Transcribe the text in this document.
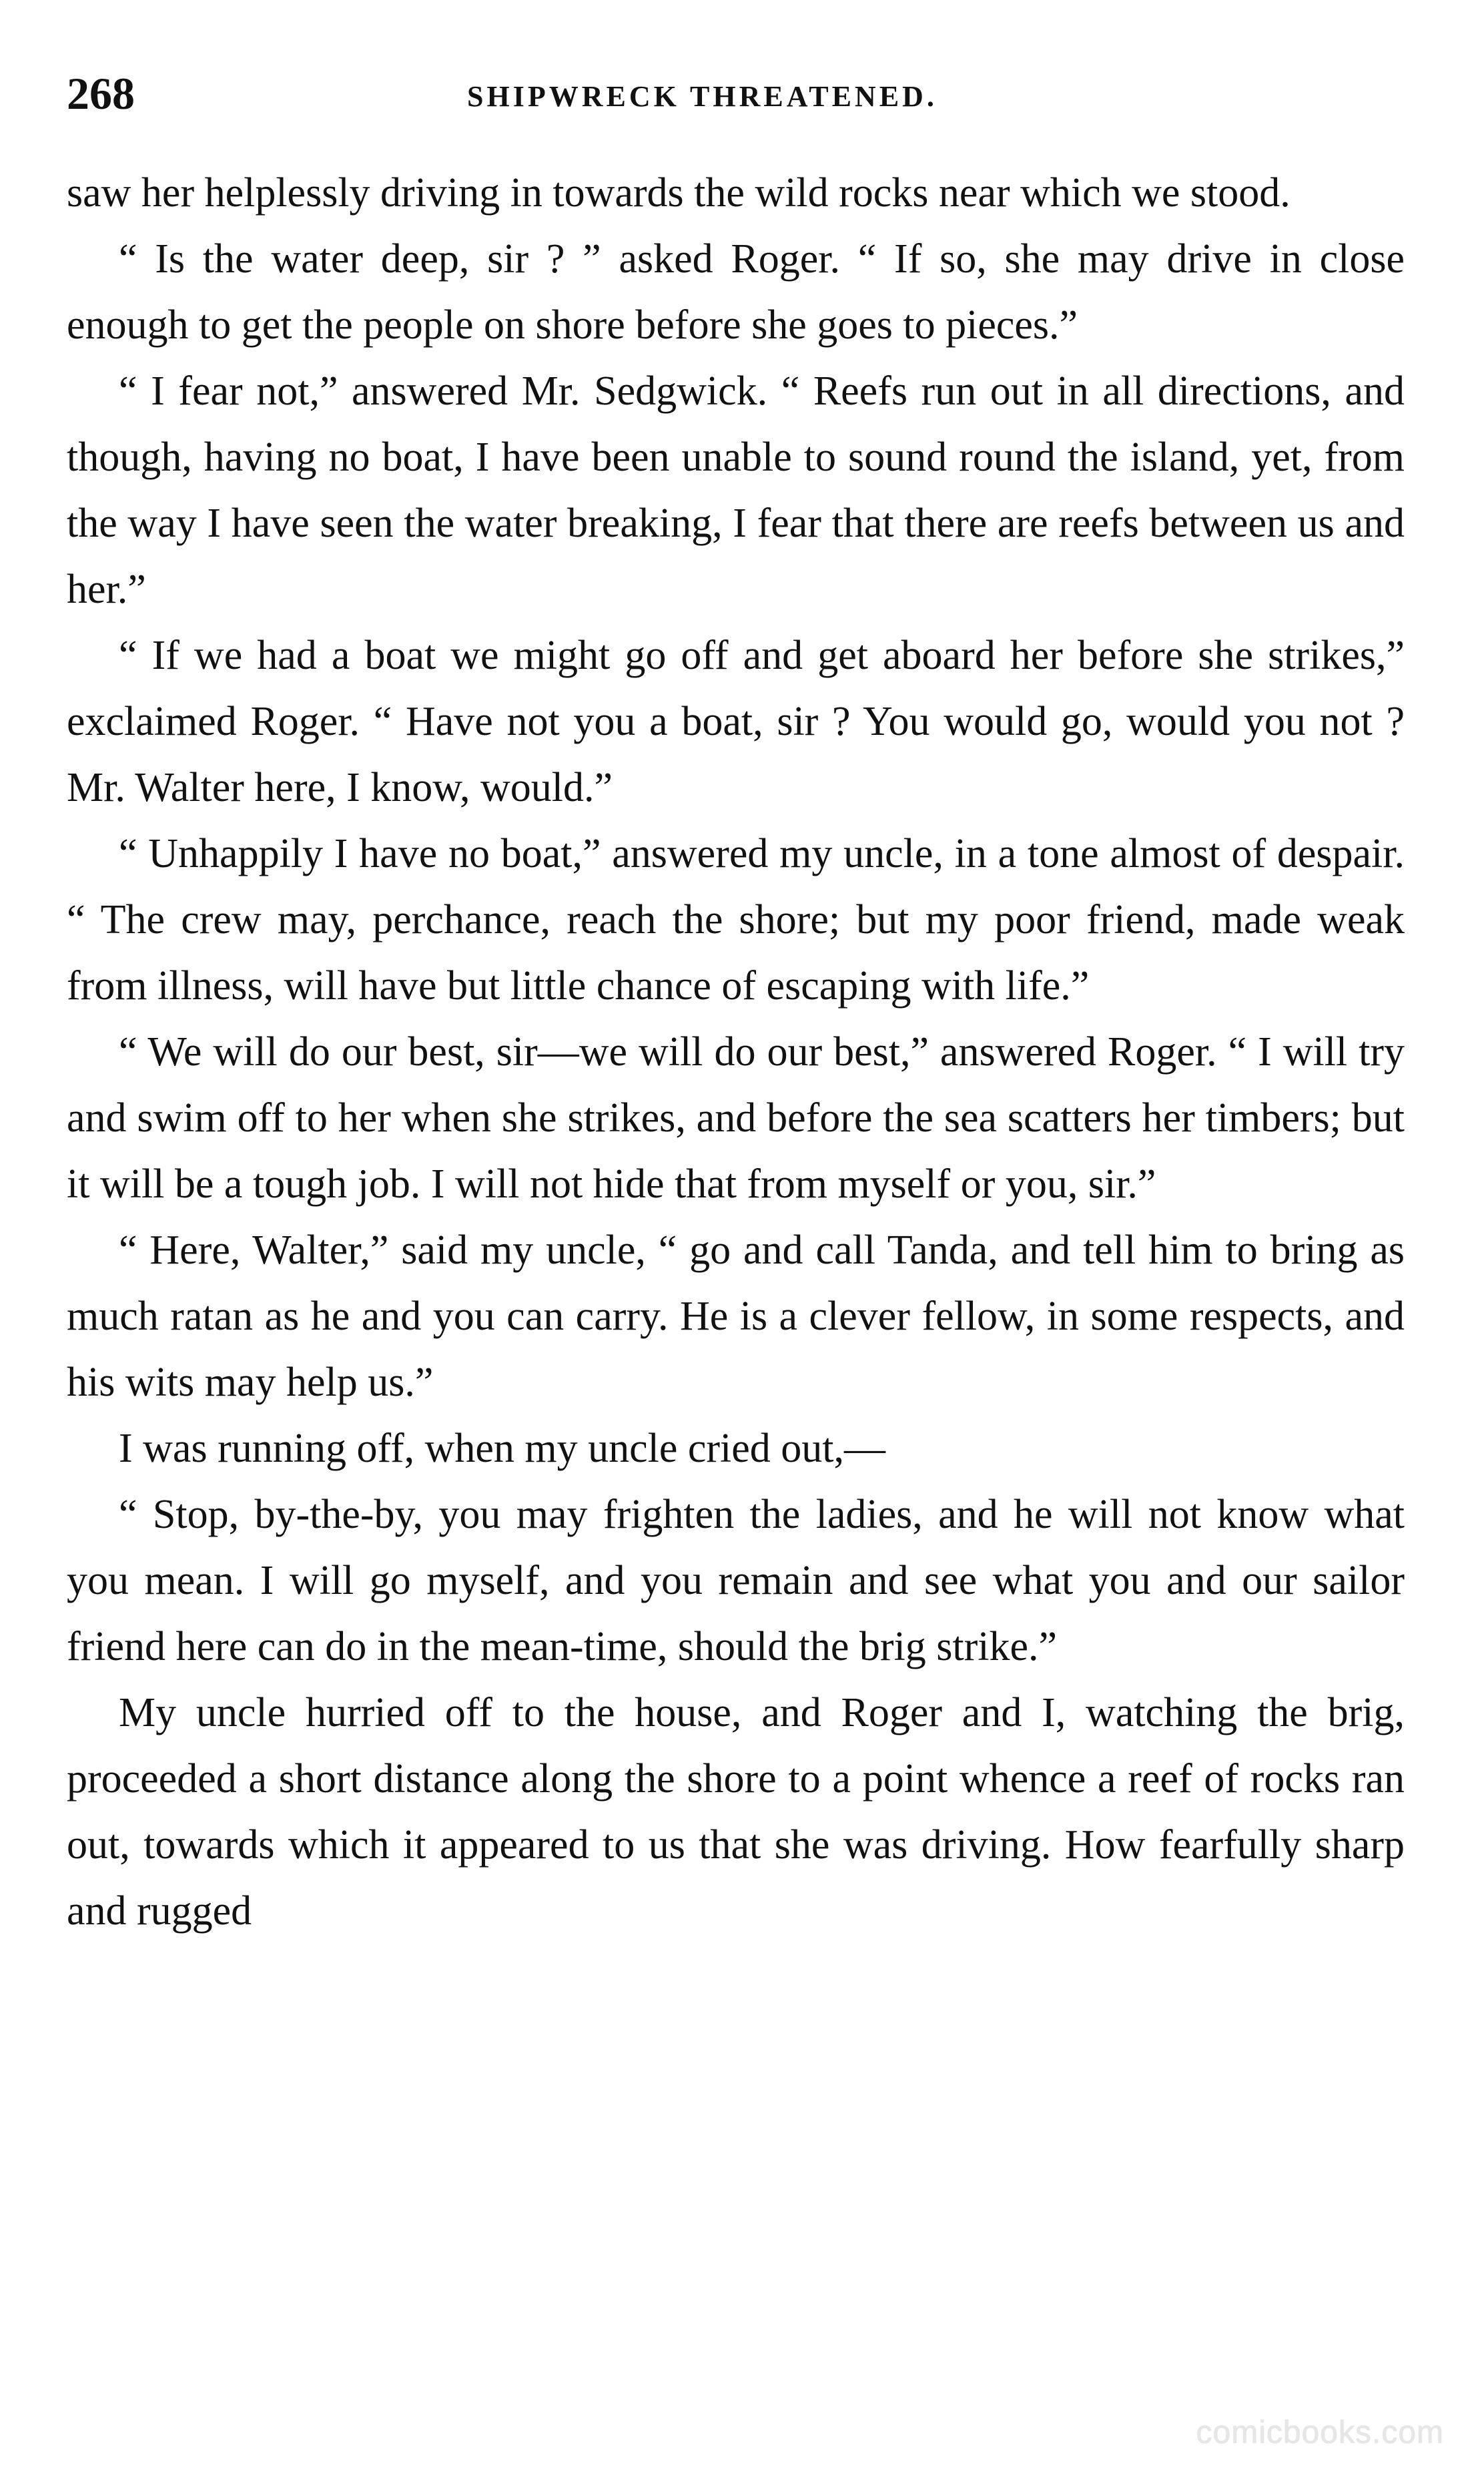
268	SHIPWRECK THREATENED.

saw her helplessly driving in towards the wild rocks near which we stood.

“ Is the water deep, sir ? ” asked Roger. “ If so, she may drive in close enough to get the people on shore before she goes to pieces.”

“ I fear not,” answered Mr. Sedgwick. “ Reefs run out in all directions, and though, having no boat, I have been unable to sound round the island, yet, from the way I have seen the water breaking, I fear that there are reefs between us and her.”

“ If we had a boat we might go off and get aboard her before she strikes,” exclaimed Roger. “ Have not you a boat, sir ? You would go, would you not ? Mr. Walter here, I know, would.”

“ Unhappily I have no boat,” answered my uncle, in a tone almost of despair. “ The crew may, perchance, reach the shore; but my poor friend, made weak from illness, will have but little chance of escaping with life.”

“ We will do our best, sir—we will do our best,” answered Roger. “ I will try and swim off to her when she strikes, and before the sea scatters her timbers; but it will be a tough job. I will not hide that from myself or you, sir.”

“ Here, Walter,” said my uncle, “ go and call Tanda, and tell him to bring as much ratan as he and you can carry. He is a clever fellow, in some respects, and his wits may help us.”

I was running off, when my uncle cried out,—

“ Stop, by-the-by, you may frighten the ladies, and he will not know what you mean. I will go myself, and you remain and see what you and our sailor friend here can do in the mean-time, should the brig strike.”

My uncle hurried off to the house, and Roger and I, watching the brig, proceeded a short distance along the shore to a point whence a reef of rocks ran out, towards which it appeared to us that she was driving. How fearfully sharp and rugged

comicbooks.com
